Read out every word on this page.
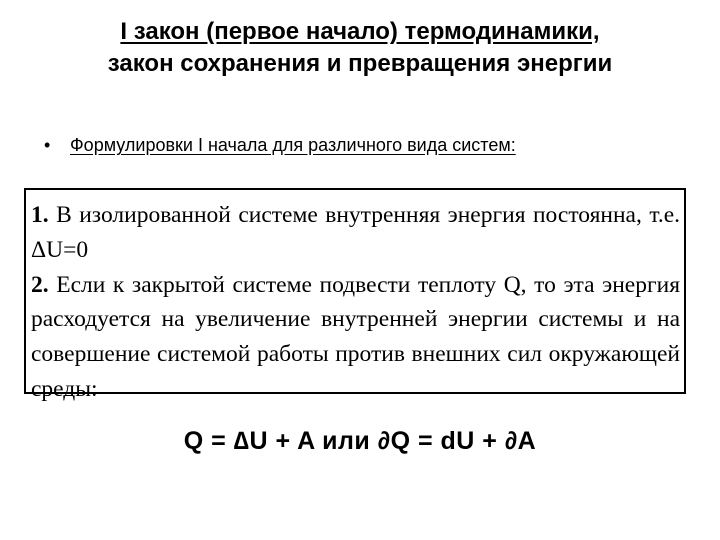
I закон (первое начало) термодинамики,
закон сохранения и превращения энергии
• Формулировки I начала для различного вида систем:

1. В изолированной системе внутренняя энергия постоянна, т.е. ΔU=0

2. Если к закрытой системе подвести теплоту Q, то эта энергия расходуется на увеличение внутренней энергии системы и на совершение системой работы против внешних сил окружающей среды:

Q = ∆U + A или ∂Q = dU + ∂A
